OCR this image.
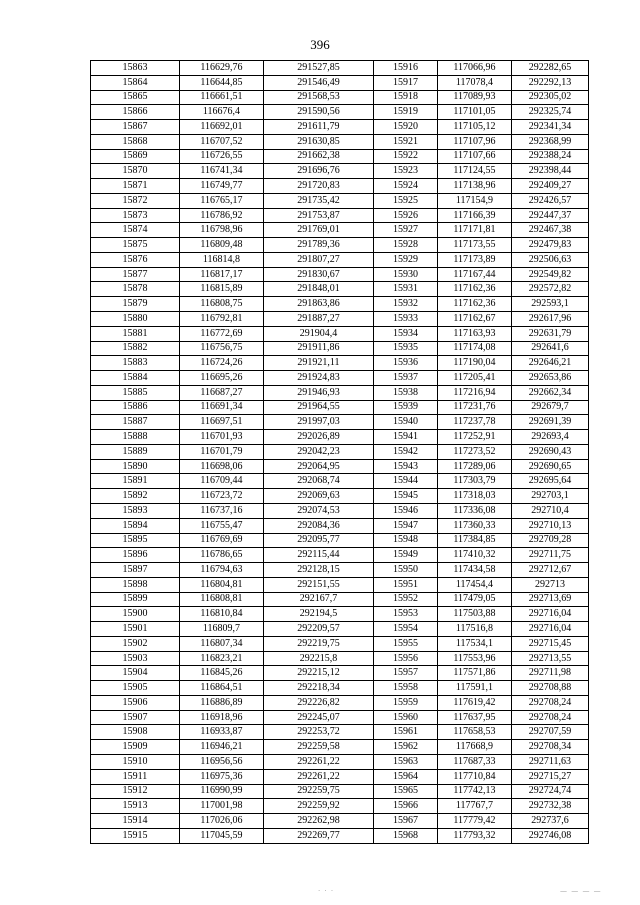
396
15863	116629,76	291527,85	15916	117066,96	292282,65
15864	116644,85	291546,49	15917	117078,4	292292,13
15865	116661,51	291568,53	15918	117089,93	292305,02
15866	116676,4	291590,56	15919	117101,05	292325,74
15867	116692,01	291611,79	15920	117105,12	292341,34
15868	116707,52	291630,85	15921	117107,96	292368,99
15869	116726,55	291662,38	15922	117107,66	292388,24
15870	116741,34	291696,76	15923	117124,55	292398,44
15871	116749,77	291720,83	15924	117138,96	292409,27
15872	116765,17	291735,42	15925	117154,9	292426,57
15873	116786,92	291753,87	15926	117166,39	292447,37
15874	116798,96	291769,01	15927	117171,81	292467,38
15875	116809,48	291789,36	15928	117173,55	292479,83
15876	116814,8	291807,27	15929	117173,89	292506,63
15877	116817,17	291830,67	15930	117167,44	292549,82
15878	116815,89	291848,01	15931	117162,36	292572,82
15879	116808,75	291863,86	15932	117162,36	292593,1
15880	116792,81	291887,27	15933	117162,67	292617,96
15881	116772,69	291904,4	15934	117163,93	292631,79
15882	116756,75	291911,86	15935	117174,08	292641,6
15883	116724,26	291921,11	15936	117190,04	292646,21
15884	116695,26	291924,83	15937	117205,41	292653,86
15885	116687,27	291946,93	15938	117216,94	292662,34
15886	116691,34	291964,55	15939	117231,76	292679,7
15887	116697,51	291997,03	15940	117237,78	292691,39
15888	116701,93	292026,89	15941	117252,91	292693,4
15889	116701,79	292042,23	15942	117273,52	292690,43
15890	116698,06	292064,95	15943	117289,06	292690,65
15891	116709,44	292068,74	15944	117303,79	292695,64
15892	116723,72	292069,63	15945	117318,03	292703,1
15893	116737,16	292074,53	15946	117336,08	292710,4
15894	116755,47	292084,36	15947	117360,33	292710,13
15895	116769,69	292095,77	15948	117384,85	292709,28
15896	116786,65	292115,44	15949	117410,32	292711,75
15897	116794,63	292128,15	15950	117434,58	292712,67
15898	116804,81	292151,55	15951	117454,4	292713
15899	116808,81	292167,7	15952	117479,05	292713,69
15900	116810,84	292194,5	15953	117503,88	292716,04
15901	116809,7	292209,57	15954	117516,8	292716,04
15902	116807,34	292219,75	15955	117534,1	292715,45
15903	116823,21	292215,8	15956	117553,96	292713,55
15904	116845,26	292215,12	15957	117571,86	292711,98
15905	116864,51	292218,34	15958	117591,1	292708,88
15906	116886,89	292226,82	15959	117619,42	292708,24
15907	116918,96	292245,07	15960	117637,95	292708,24
15908	116933,87	292253,72	15961	117658,53	292707,59
15909	116946,21	292259,58	15962	117668,9	292708,34
15910	116956,56	292261,22	15963	117687,33	292711,63
15911	116975,36	292261,22	15964	117710,84	292715,27
15912	116990,99	292259,75	15965	117742,13	292724,74
15913	117001,98	292259,92	15966	117767,7	292732,38
15914	117026,06	292262,98	15967	117779,42	292737,6
15915	117045,59	292269,77	15968	117793,32	292746,08
· · ·	— — — —
